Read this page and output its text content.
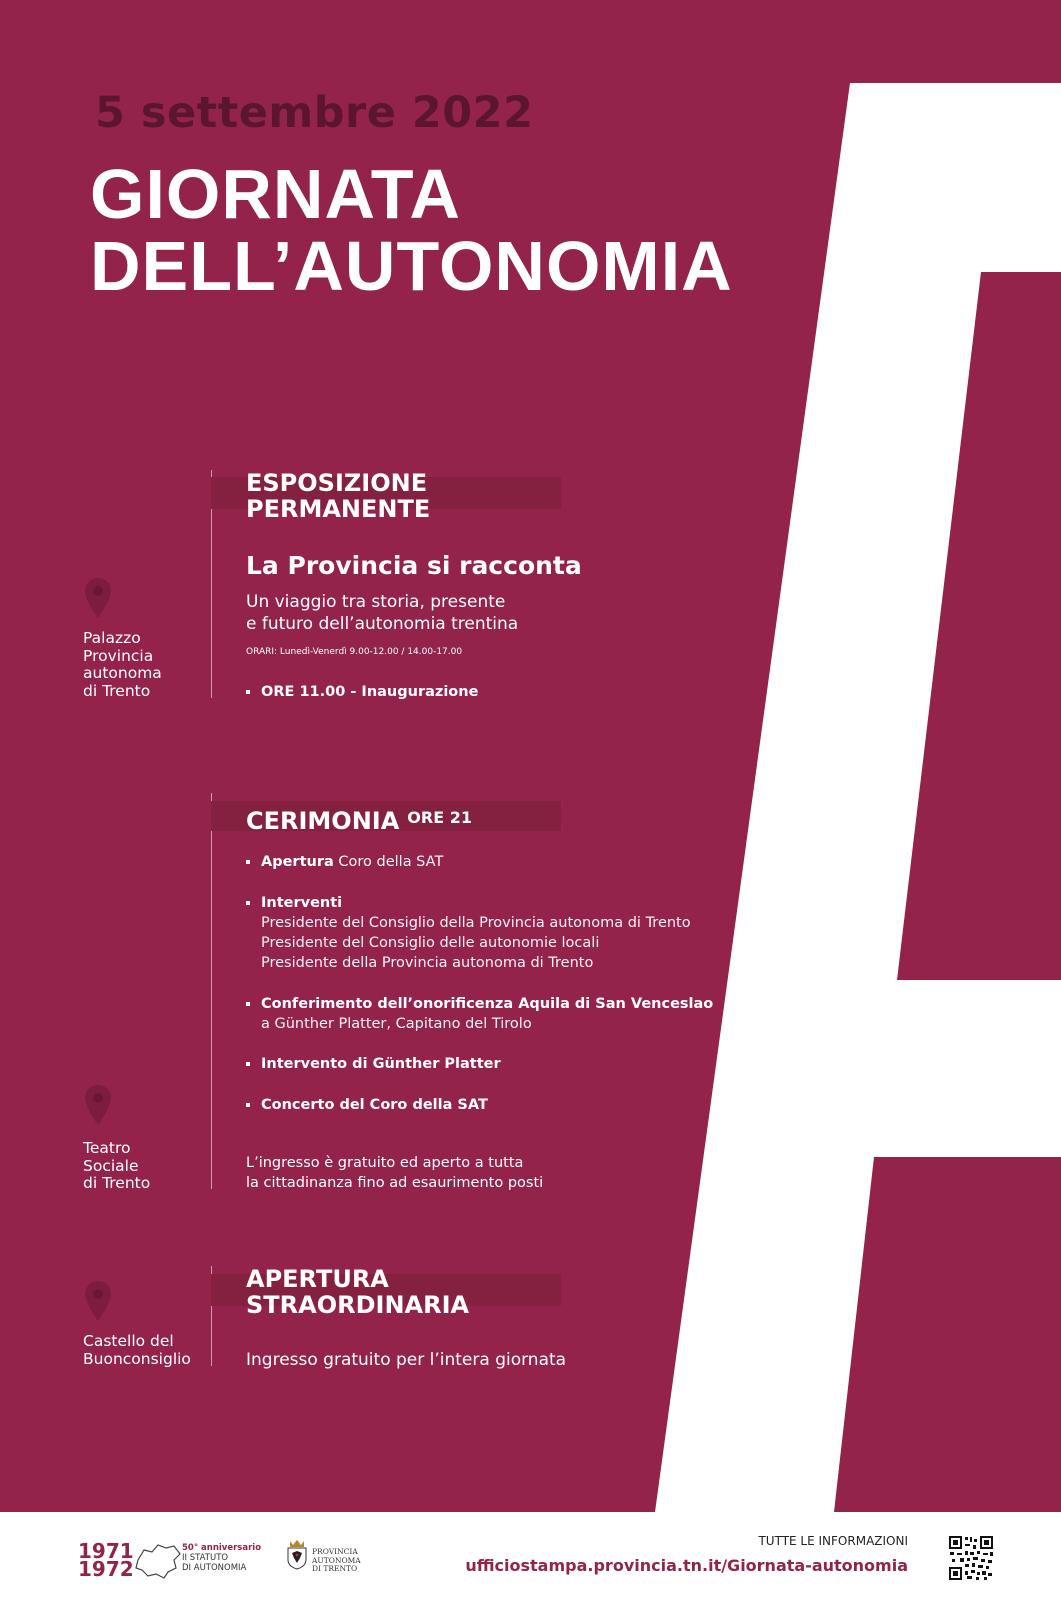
5 settembre 2022
GIORNATA
DELL’AUTONOMIA
ESPOSIZIONE
PERMANENTE
La Provincia si racconta
Un viaggio tra storia, presente
e futuro dell’autonomia trentina
ORARI: Lunedì-Venerdì 9.00-12.00 / 14.00-17.00
ORE 11.00 - Inaugurazione
Palazzo
Provincia
autonoma
di Trento
CERIMONIA $^{ORE 21}$
Apertura Coro della SAT
Interventi
Presidente del Consiglio della Provincia autonoma di Trento
Presidente del Consiglio delle autonomie locali
Presidente della Provincia autonoma di Trento
Conferimento dell’onorificenza Aquila di San Venceslao
a Günther Platter, Capitano del Tirolo
Intervento di Günther Platter
Concerto del Coro della SAT
L’ingresso è gratuito ed aperto a tutta
la cittadinanza fino ad esaurimento posti
Teatro
Sociale
di Trento
APERTURA
STRAORDINARIA
Ingresso gratuito per l’intera giornata
Castello del
Buonconsiglio
1971
1972
50° anniversario
II STATUTO
DI AUTONOMIA
PROVINCIA
AUTONOMA
DI TRENTO
TUTTE LE INFORMAZIONI
ufficiostampa.provincia.tn.it/Giornata-autonomia
